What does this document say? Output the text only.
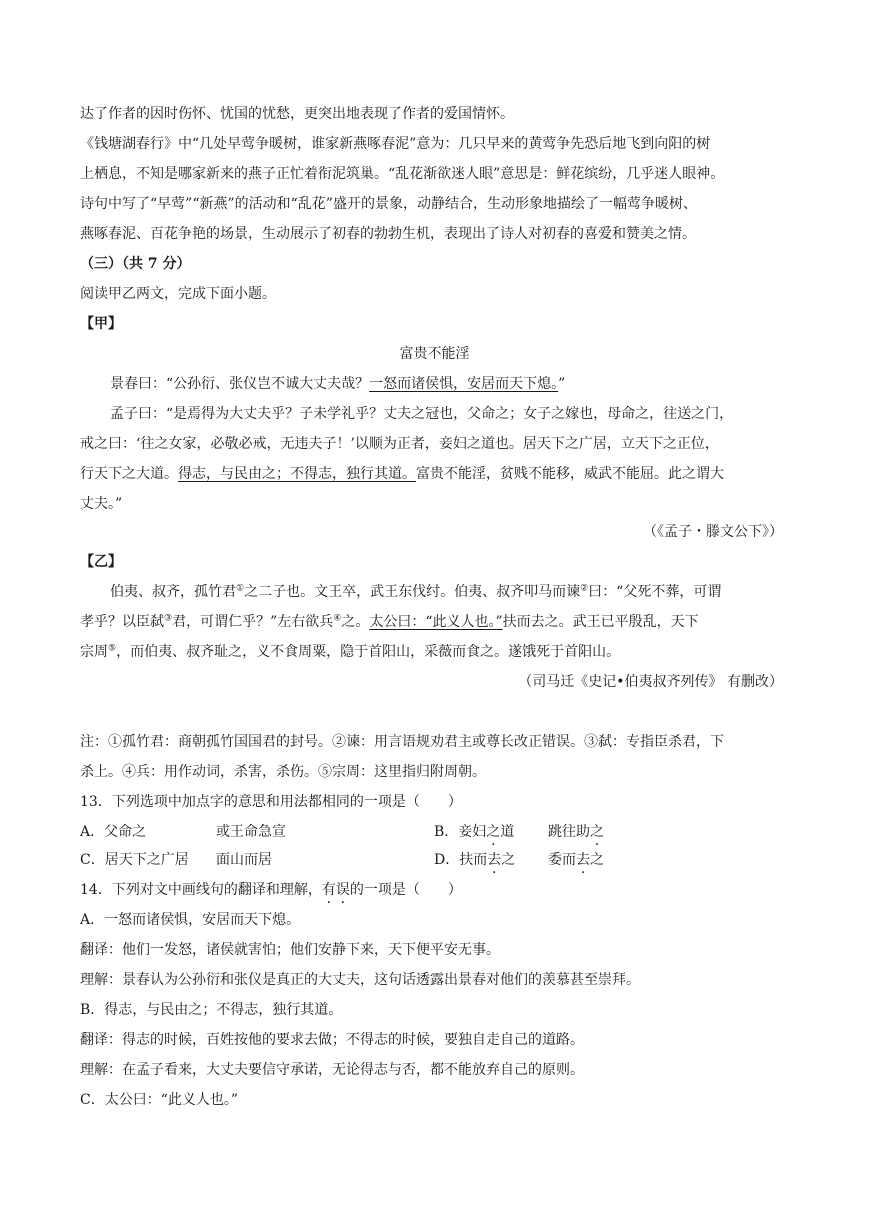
达了作者的因时伤怀、忧国的忧愁，更突出地表现了作者的爱国情怀。
《钱塘湖春行》中“几处早莺争暖树，谁家新燕啄春泥”意为：几只早来的黄莺争先恐后地飞到向阳的树
上栖息，不知是哪家新来的燕子正忙着衔泥筑巢。“乱花渐欲迷人眼”意思是：鲜花缤纷，几乎迷人眼神。
诗句中写了“早莺”“新燕”的活动和“乱花”盛开的景象，动静结合，生动形象地描绘了一幅莺争暖树、
燕啄春泥、百花争艳的场景，生动展示了初春的勃勃生机，表现出了诗人对初春的喜爱和赞美之情。
（三）（共 7 分）
阅读甲乙两文，完成下面小题。
【甲】
富贵不能淫
景春曰：“公孙衍、张仪岂不诚大丈夫哉？一怒而诸侯惧，安居而天下熄。”
孟子曰：“是焉得为大丈夫乎？子未学礼乎？丈夫之冠也，父命之；女子之嫁也，母命之，往送之门，
戒之曰：‘往之女家，必敬必戒，无违夫子！’以顺为正者，妾妇之道也。居天下之广居，立天下之正位，
行天下之大道。得志，与民由之；不得志，独行其道。富贵不能淫，贫贱不能移，威武不能屈。此之谓大
丈夫。”
（《孟子・滕文公下》）
【乙】
伯夷、叔齐，孤竹君①之二子也。文王卒，武王东伐纣。伯夷、叔齐叩马而谏②曰：“父死不葬，可谓
孝乎？以臣弑③君，可谓仁乎？”左右欲兵④之。太公曰：“此义人也。”扶而去之。武王已平殷乱，天下
宗周⑤，而伯夷、叔齐耻之，义不食周粟，隐于首阳山，采薇而食之。遂饿死于首阳山。
（司马迁《史记•伯夷叔齐列传》 有删改）
注：①孤竹君：商朝孤竹国国君的封号。②谏：用言语规劝君主或尊长改正错误。③弑：专指臣杀君，下
杀上。④兵：用作动词，杀害，杀伤。⑤宗周：这里指归附周朝。
13．下列选项中加点字的意思和用法都相同的一项是（　　）
A．父命之	或王命急宣	B．妾妇之道 跳往助之
C．居天下之广居 面山而居	D．扶而去之 委而去之
14．下列对文中画线句的翻译和理解，有误的一项是（　　）
A．一怒而诸侯惧，安居而天下熄。
翻译：他们一发怒，诸侯就害怕；他们安静下来，天下便平安无事。
理解：景春认为公孙衍和张仪是真正的大丈夫，这句话透露出景春对他们的羡慕甚至崇拜。
B．得志，与民由之；不得志，独行其道。
翻译：得志的时候，百姓按他的要求去做；不得志的时候，要独自走自己的道路。
理解：在孟子看来，大丈夫要信守承诺，无论得志与否，都不能放弃自己的原则。
C．太公曰：“此义人也。”
